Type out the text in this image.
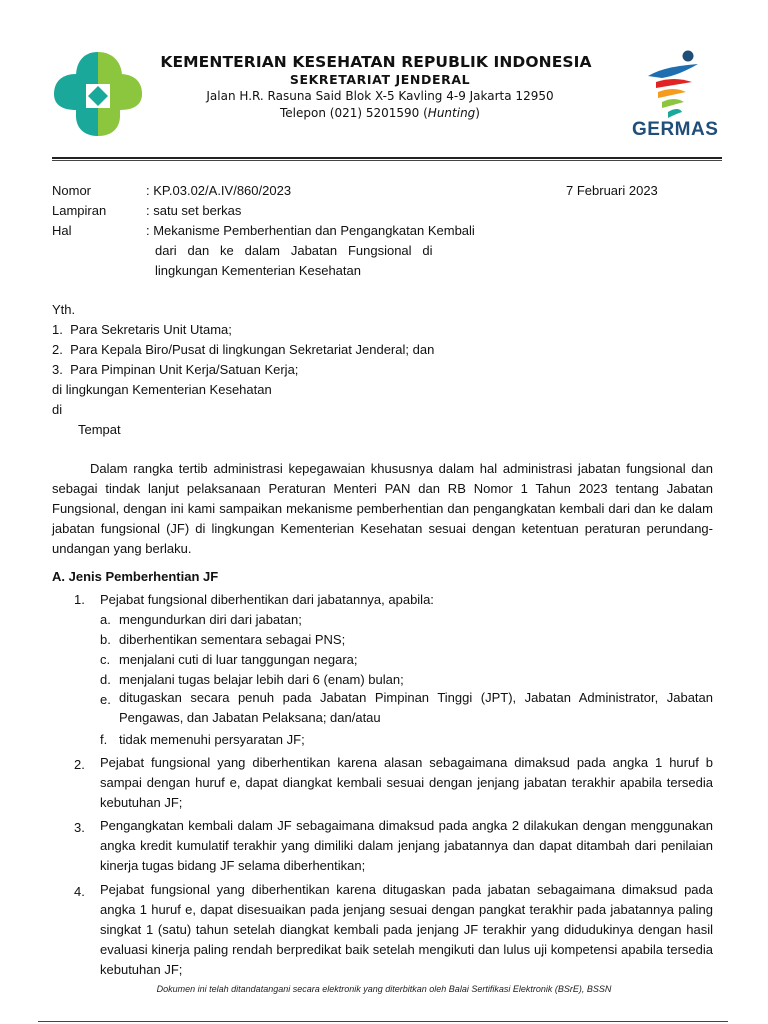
KEMENTERIAN KESEHATAN REPUBLIK INDONESIA
SEKRETARIAT JENDERAL
Jalan H.R. Rasuna Said Blok X-5 Kavling 4-9 Jakarta 12950
Telepon (021) 5201590 (Hunting)
GERMAS
Nomor	: KP.03.02/A.IV/860/2023	7 Februari 2023
Lampiran	: satu set berkas
Hal	: Mekanisme Pemberhentian dan Pengangkatan Kembali
dari   dan   ke   dalam   Jabatan   Fungsional   di
lingkungan Kementerian Kesehatan
Yth.
1.  Para Sekretaris Unit Utama;
2.  Para Kepala Biro/Pusat di lingkungan Sekretariat Jenderal; dan
3.  Para Pimpinan Unit Kerja/Satuan Kerja;
di lingkungan Kementerian Kesehatan
di
Tempat
Dalam rangka tertib administrasi kepegawaian khususnya dalam hal administrasi jabatan fungsional dan sebagai tindak lanjut pelaksanaan Peraturan Menteri PAN dan RB Nomor 1 Tahun 2023 tentang Jabatan Fungsional, dengan ini kami sampaikan mekanisme pemberhentian dan pengangkatan kembali dari dan ke dalam jabatan fungsional (JF) di lingkungan Kementerian Kesehatan sesuai dengan ketentuan peraturan perundang-undangan yang berlaku.
A. Jenis Pemberhentian JF
1. Pejabat fungsional diberhentikan dari jabatannya, apabila:
a. mengundurkan diri dari jabatan;
b. diberhentikan sementara sebagai PNS;
c. menjalani cuti di luar tanggungan negara;
d. menjalani tugas belajar lebih dari 6 (enam) bulan;
e. ditugaskan secara penuh pada Jabatan Pimpinan Tinggi (JPT), Jabatan Administrator, Jabatan Pengawas, dan Jabatan Pelaksana; dan/atau
f. tidak memenuhi persyaratan JF;
2. Pejabat fungsional yang diberhentikan karena alasan sebagaimana dimaksud pada angka 1 huruf b sampai dengan huruf e, dapat diangkat kembali sesuai dengan jenjang jabatan terakhir apabila tersedia kebutuhan JF;
3. Pengangkatan kembali dalam JF sebagaimana dimaksud pada angka 2 dilakukan dengan menggunakan angka kredit kumulatif terakhir yang dimiliki dalam jenjang jabatannya dan dapat ditambah dari penilaian kinerja tugas bidang JF selama diberhentikan;
4. Pejabat fungsional yang diberhentikan karena ditugaskan pada jabatan sebagaimana dimaksud pada angka 1 huruf e, dapat disesuaikan pada jenjang sesuai dengan pangkat terakhir pada jabatannya paling singkat 1 (satu) tahun setelah diangkat kembali pada jenjang JF terakhir yang didudukinya dengan hasil evaluasi kinerja paling rendah berpredikat baik setelah mengikuti dan lulus uji kompetensi apabila tersedia kebutuhan JF;
Dokumen ini telah ditandatangani secara elektronik yang diterbitkan oleh Balai Sertifikasi Elektronik (BSrE), BSSN
